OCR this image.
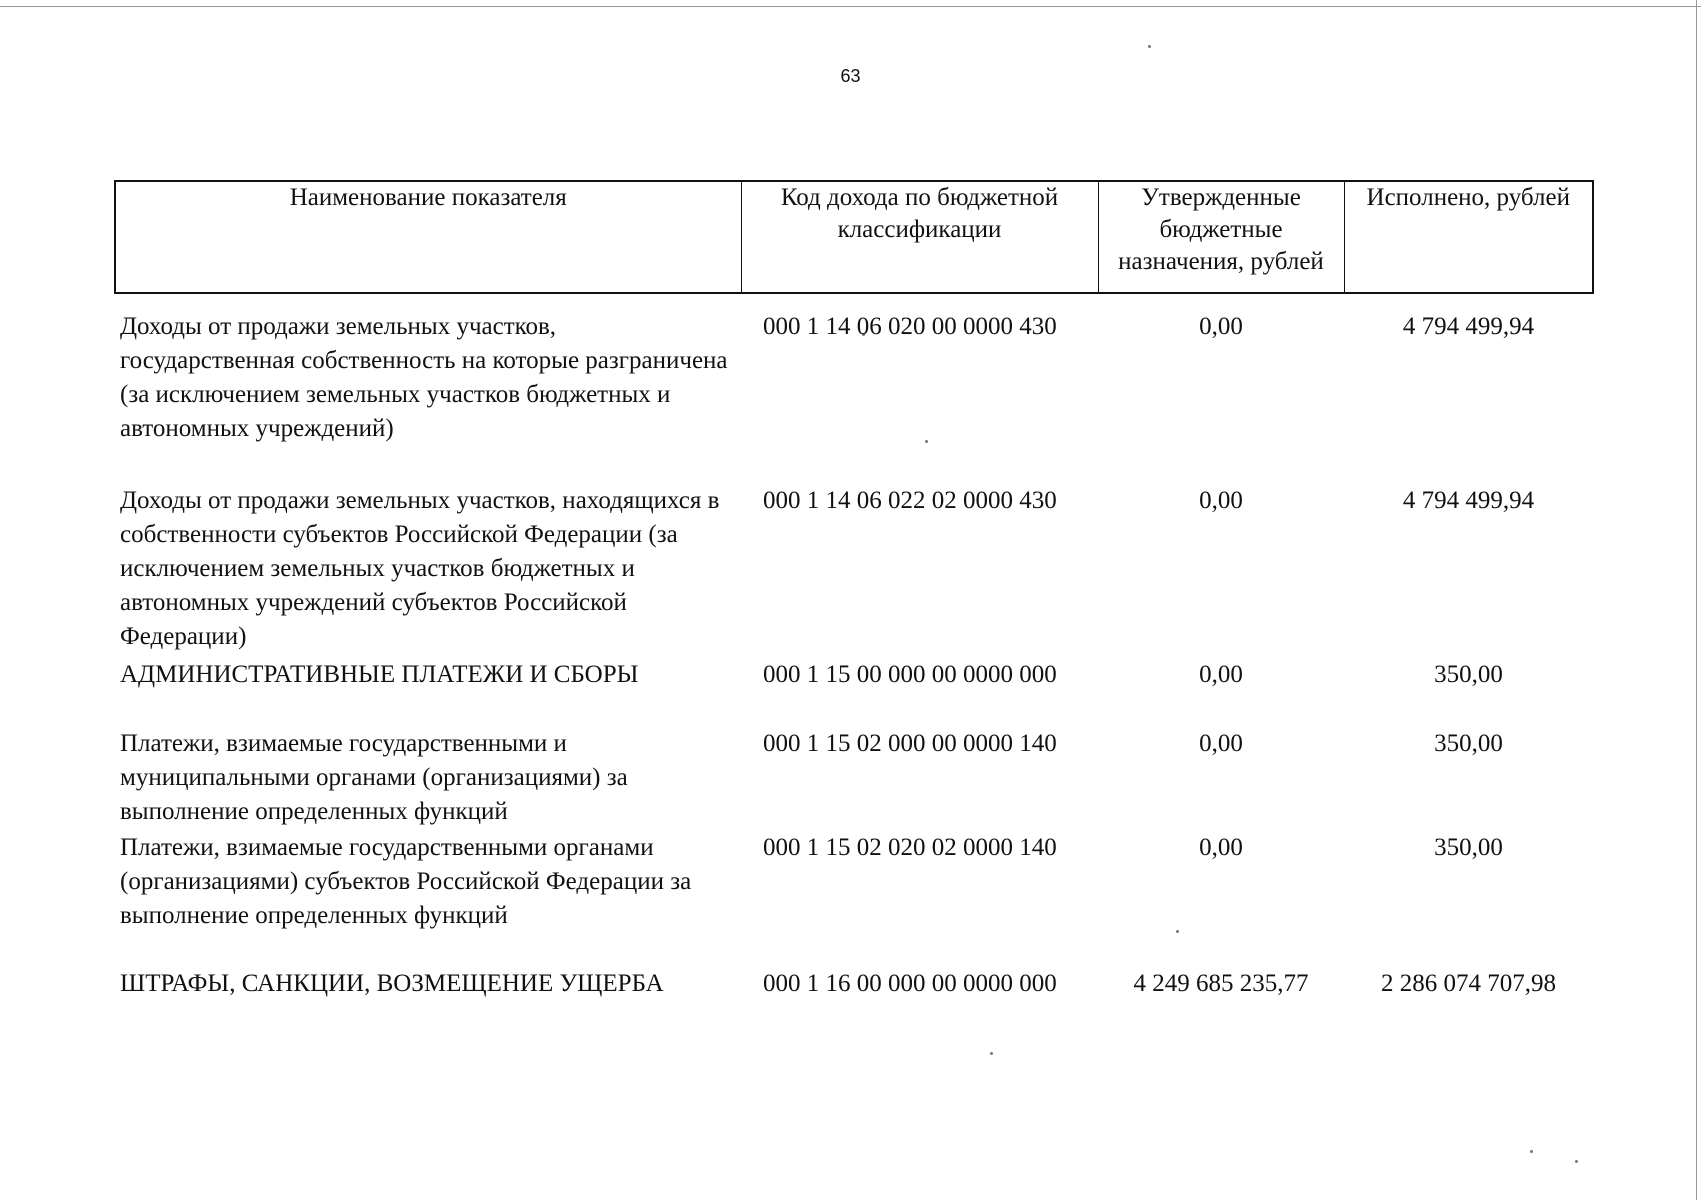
63
Наименование показателя	Код дохода по бюджетной классификации	Утвержденные бюджетные назначения, рублей	Исполнено, рублей
Доходы от продажи земельных участков, государственная собственность на которые разграничена (за исключением земельных участков бюджетных и автономных учреждений)	000 1 14 06 020 00 0000 430	0,00	4 794 499,94
Доходы от продажи земельных участков, находящихся в собственности субъектов Российской Федерации (за исключением земельных участков бюджетных и автономных учреждений субъектов Российской Федерации)	000 1 14 06 022 02 0000 430	0,00	4 794 499,94
АДМИНИСТРАТИВНЫЕ ПЛАТЕЖИ И СБОРЫ	000 1 15 00 000 00 0000 000	0,00	350,00
Платежи, взимаемые государственными и муниципальными органами (организациями) за выполнение определенных функций	000 1 15 02 000 00 0000 140	0,00	350,00
Платежи, взимаемые государственными органами (организациями) субъектов Российской Федерации за выполнение определенных функций	000 1 15 02 020 02 0000 140	0,00	350,00
ШТРАФЫ, САНКЦИИ, ВОЗМЕЩЕНИЕ УЩЕРБА	000 1 16 00 000 00 0000 000	4 249 685 235,77	2 286 074 707,98
